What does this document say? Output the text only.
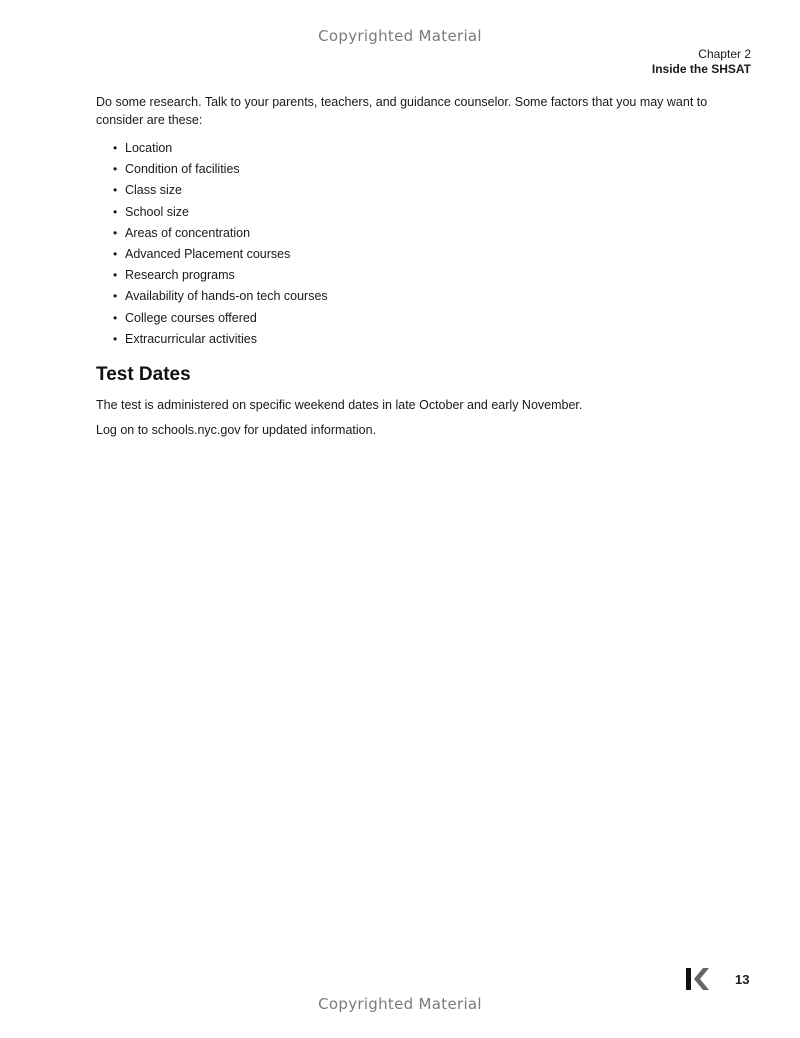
Copyrighted Material
Chapter 2
Inside the SHSAT

Do some research. Talk to your parents, teachers, and guidance counselor. Some factors that you may want to consider are these:

• Location
• Condition of facilities
• Class size
• School size
• Areas of concentration
• Advanced Placement courses
• Research programs
• Availability of hands-on tech courses
• College courses offered
• Extracurricular activities
Test Dates

The test is administered on specific weekend dates in late October and early November.

Log on to schools.nyc.gov for updated information.

13
Copyrighted Material
